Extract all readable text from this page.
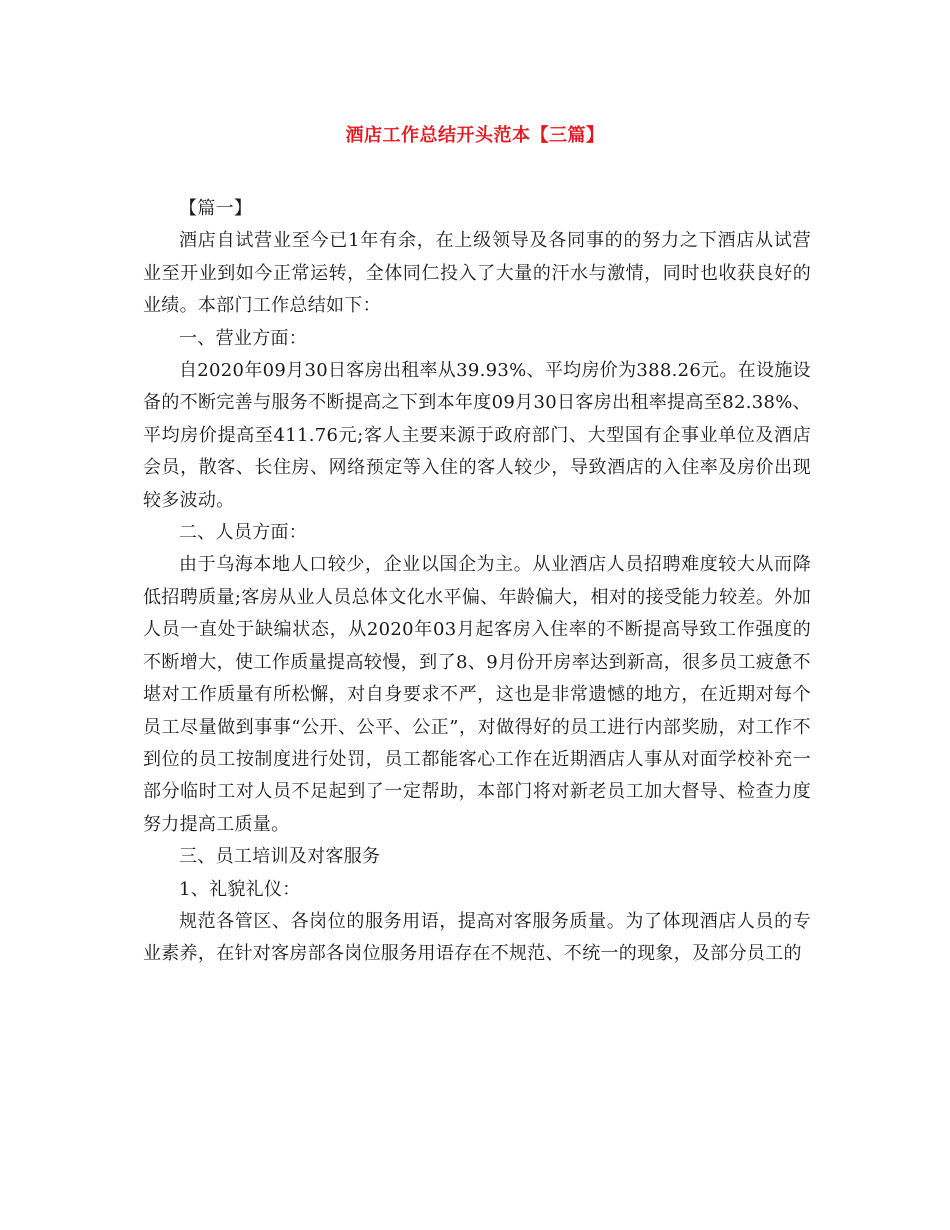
酒店工作总结开头范本【三篇】

【篇一】

酒店自试营业至今已1年有余，在上级领导及各同事的的努力之下酒店从试营业至开业到如今正常运转，全体同仁投入了大量的汗水与激情，同时也收获良好的业绩。本部门工作总结如下：

一、营业方面：

自2020年09月30日客房出租率从39.93%、平均房价为388.26元。在设施设备的不断完善与服务不断提高之下到本年度09月30日客房出租率提高至82.38%、平均房价提高至411.76元;客人主要来源于政府部门、大型国有企事业单位及酒店会员，散客、长住房、网络预定等入住的客人较少，导致酒店的入住率及房价出现较多波动。

二、人员方面：

由于乌海本地人口较少，企业以国企为主。从业酒店人员招聘难度较大从而降低招聘质量;客房从业人员总体文化水平偏、年龄偏大，相对的接受能力较差。外加人员一直处于缺编状态，从2020年03月起客房入住率的不断提高导致工作强度的不断增大，使工作质量提高较慢，到了8、9月份开房率达到新高，很多员工疲惫不堪对工作质量有所松懈，对自身要求不严，这也是非常遗憾的地方，在近期对每个员工尽量做到事事“公开、公平、公正”，对做得好的员工进行内部奖励，对工作不到位的员工按制度进行处罚，员工都能客心工作在近期酒店人事从对面学校补充一部分临时工对人员不足起到了一定帮助，本部门将对新老员工加大督导、检查力度努力提高工质量。

三、员工培训及对客服务

1、礼貌礼仪：

规范各管区、各岗位的服务用语，提高对客服务质量。为了体现酒店人员的专业素养，在针对客房部各岗位服务用语存在不规范、不统一的现象，及部分员工的
